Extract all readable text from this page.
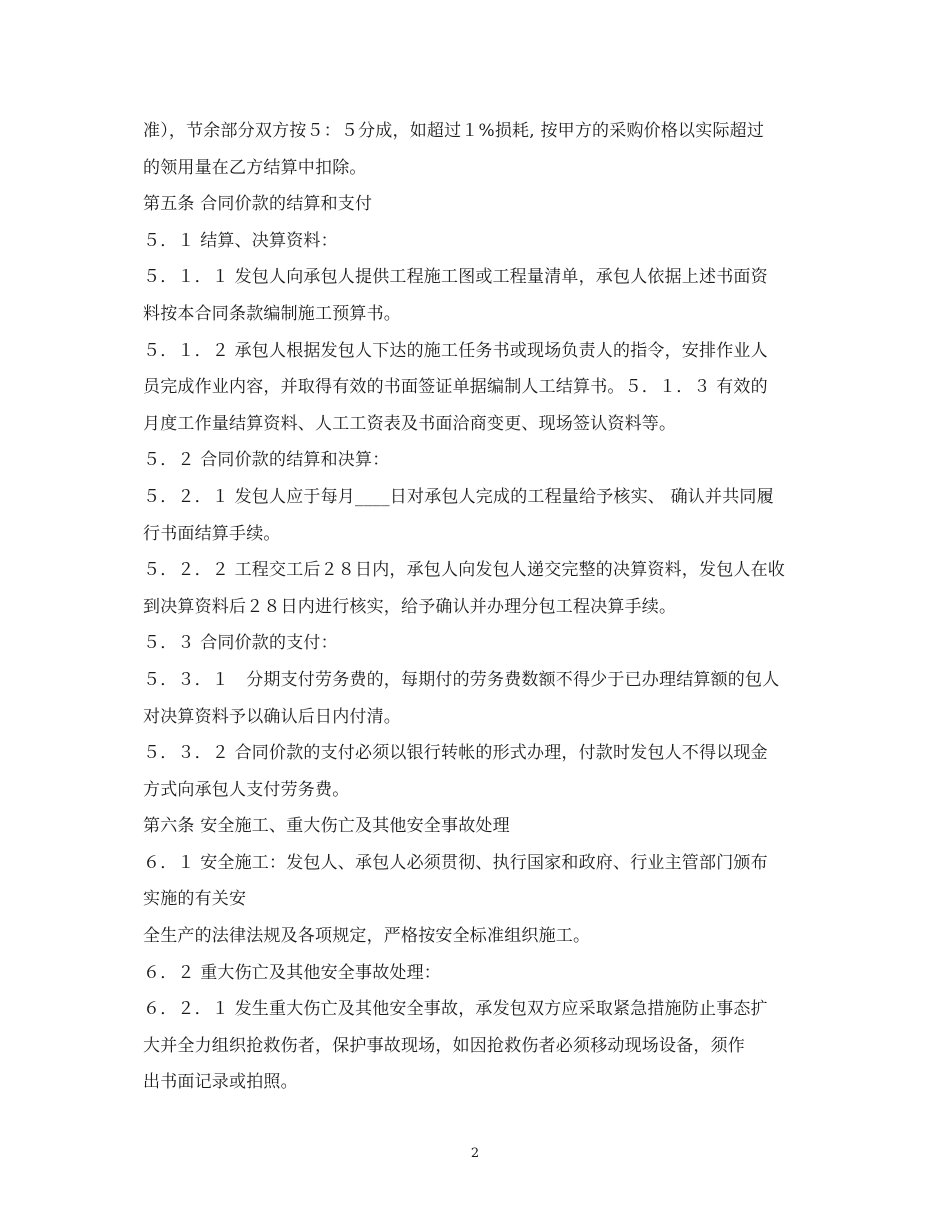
准），节余部分双方按５：５分成，如超过１%损耗, 按甲方的采购价格以实际超过
的领用量在乙方结算中扣除。
第五条 合同价款的结算和支付
５．１ 结算、决算资料：
５．１．１ 发包人向承包人提供工程施工图或工程量清单，承包人依据上述书面资
料按本合同条款编制施工预算书。
５．１．２ 承包人根据发包人下达的施工任务书或现场负责人的指令，安排作业人
员完成作业内容，并取得有效的书面签证单据编制人工结算书。５．１．３ 有效的
月度工作量结算资料、人工工资表及书面洽商变更、现场签认资料等。
５．２ 合同价款的结算和决算：
５．２．１ 发包人应于每月____日对承包人完成的工程量给予核实、 确认并共同履
行书面结算手续。
５．２．２ 工程交工后２８日内，承包人向发包人递交完整的决算资料，发包人在收
到决算资料后２８日内进行核实，给予确认并办理分包工程决算手续。
５．３ 合同价款的支付：
５．３．１　分期支付劳务费的，每期付的劳务费数额不得少于已办理结算额的包人
对决算资料予以确认后日内付清。
５．３．２ 合同价款的支付必须以银行转帐的形式办理，付款时发包人不得以现金
方式向承包人支付劳务费。
第六条 安全施工、重大伤亡及其他安全事故处理
６．１ 安全施工：发包人、承包人必须贯彻、执行国家和政府、行业主管部门颁布
实施的有关安
全生产的法律法规及各项规定，严格按安全标准组织施工。
６．２ 重大伤亡及其他安全事故处理：
６．２．１ 发生重大伤亡及其他安全事故，承发包双方应采取紧急措施防止事态扩
大并全力组织抢救伤者，保护事故现场，如因抢救伤者必须移动现场设备，须作
出书面记录或拍照。
2
